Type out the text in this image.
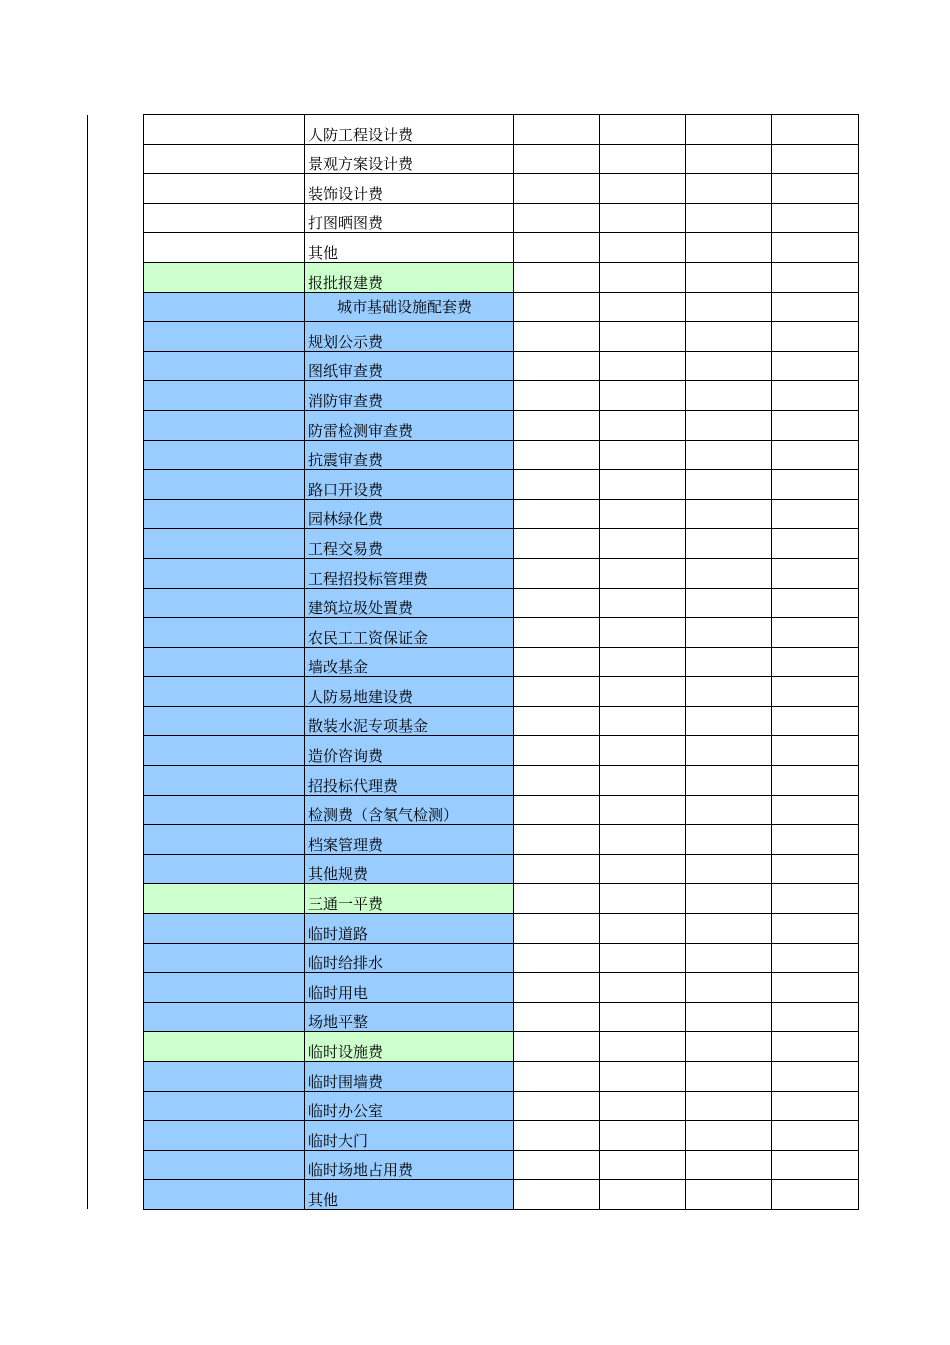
	人防工程设计费				
	景观方案设计费				
	装饰设计费				
	打图晒图费				
	其他				
	报批报建费				
	城市基础设施配套费				
	规划公示费				
	图纸审查费				
	消防审查费				
	防雷检测审查费				
	抗震审查费				
	路口开设费				
	园林绿化费				
	工程交易费				
	工程招投标管理费				
	建筑垃圾处置费				
	农民工工资保证金				
	墙改基金				
	人防易地建设费				
	散装水泥专项基金				
	造价咨询费				
	招投标代理费				
	检测费（含氡气检测）				
	档案管理费				
	其他规费				
	三通一平费				
	临时道路				
	临时给排水				
	临时用电				
	场地平整				
	临时设施费				
	临时围墙费				
	临时办公室				
	临时大门				
	临时场地占用费				
	其他				
